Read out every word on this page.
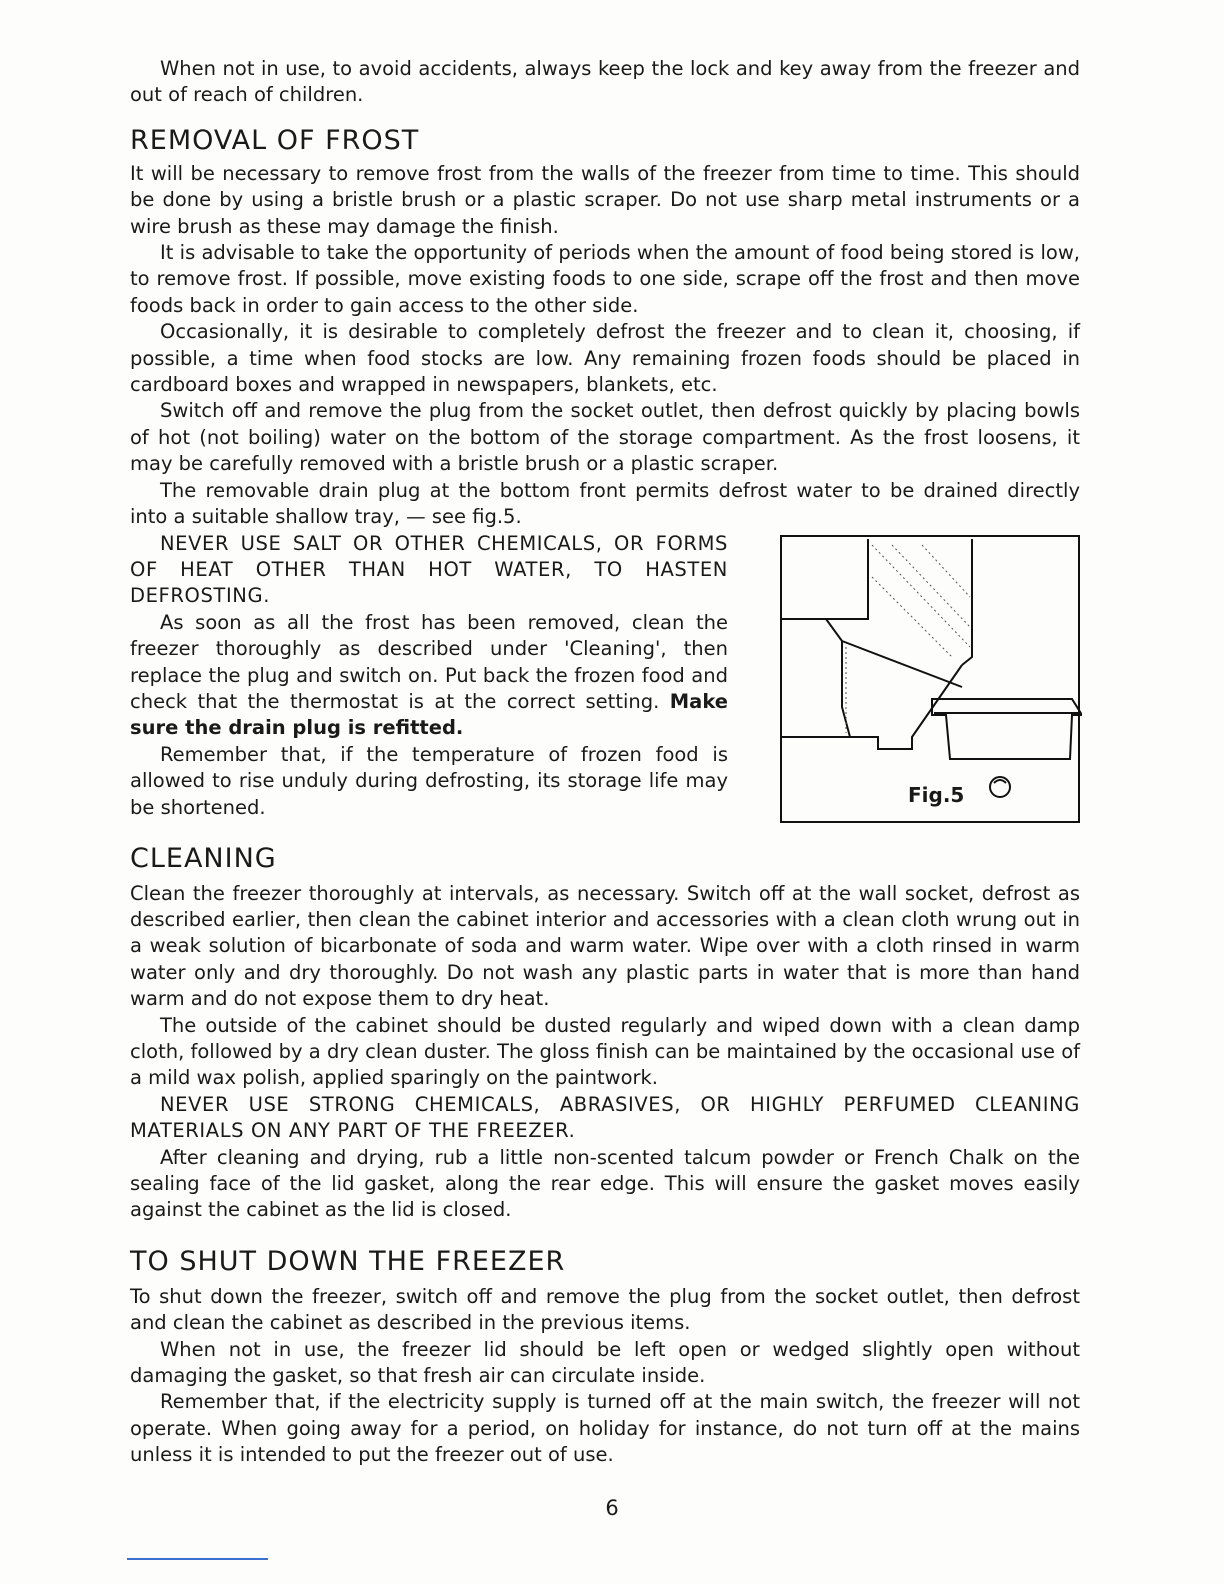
When not in use, to avoid accidents, always keep the lock and key away from the freezer and out of reach of children.

REMOVAL OF FROST

It will be necessary to remove frost from the walls of the freezer from time to time. This should be done by using a bristle brush or a plastic scraper. Do not use sharp metal instruments or a wire brush as these may damage the finish.

It is advisable to take the opportunity of periods when the amount of food being stored is low, to remove frost. If possible, move existing foods to one side, scrape off the frost and then move foods back in order to gain access to the other side.

Occasionally, it is desirable to completely defrost the freezer and to clean it, choosing, if possible, a time when food stocks are low. Any remaining frozen foods should be placed in cardboard boxes and wrapped in newspapers, blankets, etc.

Switch off and remove the plug from the socket outlet, then defrost quickly by placing bowls of hot (not boiling) water on the bottom of the storage compartment. As the frost loosens, it may be carefully removed with a bristle brush or a plastic scraper.

The removable drain plug at the bottom front permits defrost water to be drained directly into a suitable shallow tray, — see fig.5.

NEVER USE SALT OR OTHER CHEMICALS, OR FORMS OF HEAT OTHER THAN HOT WATER, TO HASTEN DEFROSTING.

As soon as all the frost has been removed, clean the freezer thoroughly as described under 'Cleaning', then replace the plug and switch on. Put back the frozen food and check that the thermostat is at the correct setting. Make sure the drain plug is refitted.

Remember that, if the temperature of frozen food is allowed to rise unduly during defrosting, its storage life may be shortened.

Fig.5
CLEANING

Clean the freezer thoroughly at intervals, as necessary. Switch off at the wall socket, defrost as described earlier, then clean the cabinet interior and accessories with a clean cloth wrung out in a weak solution of bicarbonate of soda and warm water. Wipe over with a cloth rinsed in warm water only and dry thoroughly. Do not wash any plastic parts in water that is more than hand warm and do not expose them to dry heat.

The outside of the cabinet should be dusted regularly and wiped down with a clean damp cloth, followed by a dry clean duster. The gloss finish can be maintained by the occasional use of a mild wax polish, applied sparingly on the paintwork.

NEVER USE STRONG CHEMICALS, ABRASIVES, OR HIGHLY PERFUMED CLEANING MATERIALS ON ANY PART OF THE FREEZER.

After cleaning and drying, rub a little non-scented talcum powder or French Chalk on the sealing face of the lid gasket, along the rear edge. This will ensure the gasket moves easily against the cabinet as the lid is closed.

TO SHUT DOWN THE FREEZER

To shut down the freezer, switch off and remove the plug from the socket outlet, then defrost and clean the cabinet as described in the previous items.

When not in use, the freezer lid should be left open or wedged slightly open without damaging the gasket, so that fresh air can circulate inside.

Remember that, if the electricity supply is turned off at the main switch, the freezer will not operate. When going away for a period, on holiday for instance, do not turn off at the mains unless it is intended to put the freezer out of use.

6
